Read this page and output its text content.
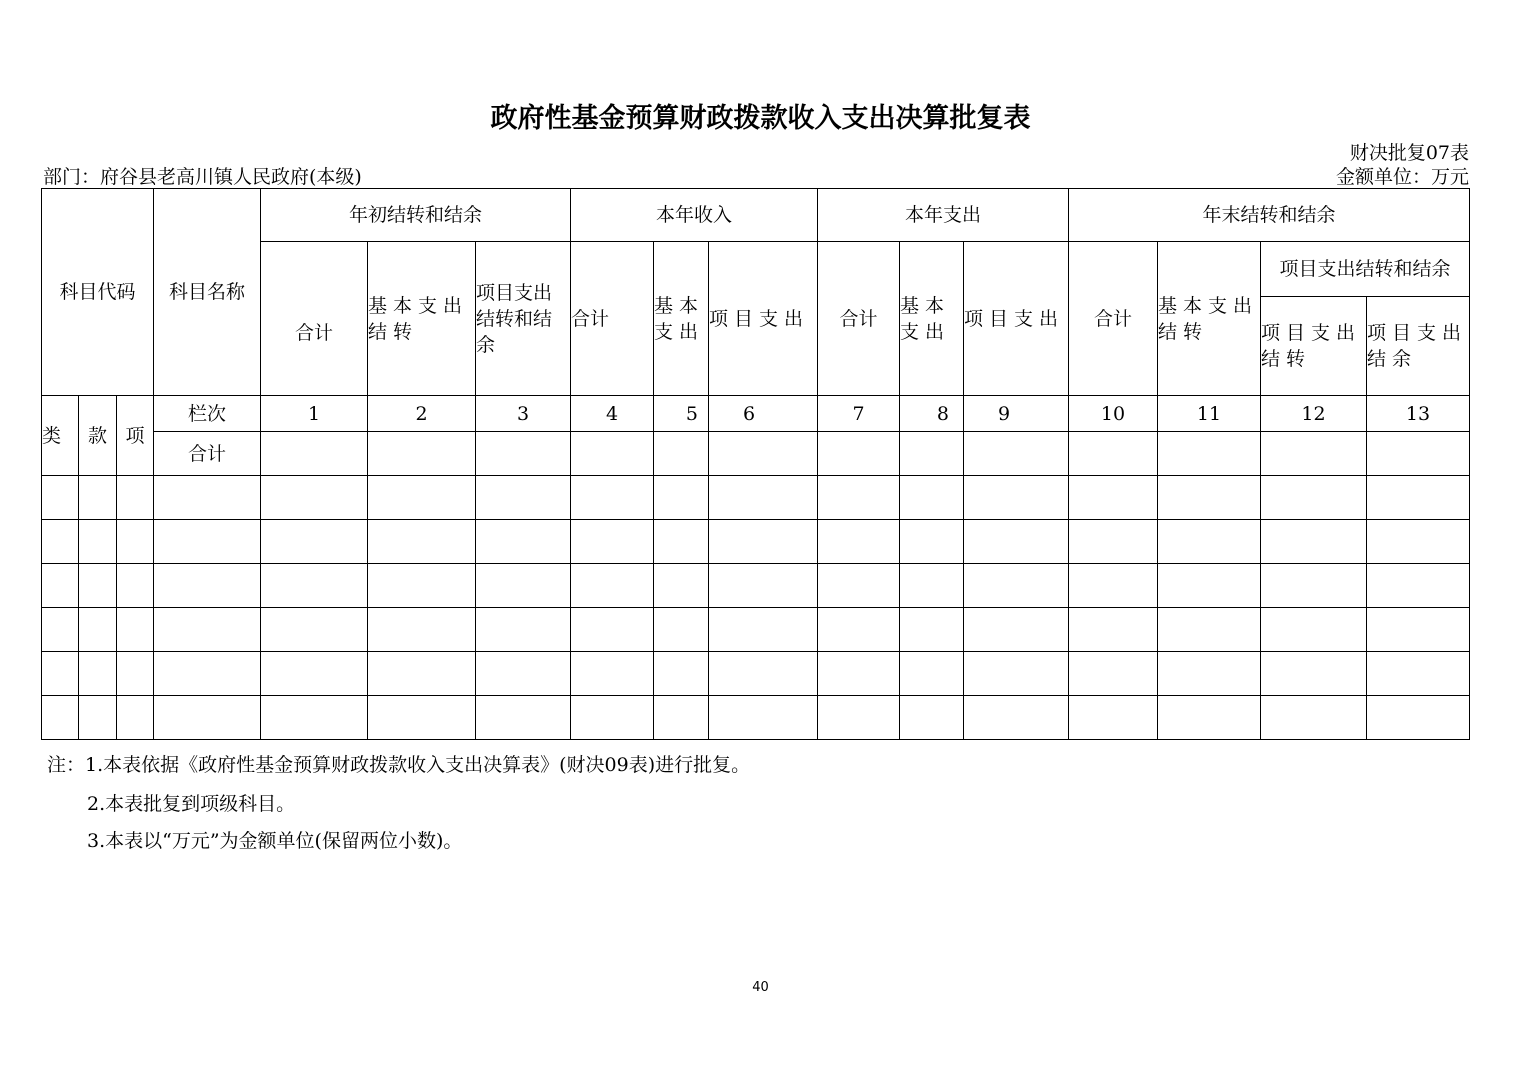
政府性基金预算财政拨款收入支出决算批复表
财决批复07表
金额单位：万元
部门：府谷县老高川镇人民政府(本级)
科目代码			科目名称	年初结转和结余			本年收入			本年支出			年末结转和结余			
				合计	基本支出结转	项目支出结转和结余	合计	基本支出	项目支出	合计	基本支出	项目支出	合计	基本支出结转	项目支出结转和结余	
															项目支出结转	项目支出结余
类	款	项	栏次	1	2	3	4	5	6	7	8	9	10	11	12	13
			合计													

注：1.本表依据《政府性基金预算财政拨款收入支出决算表》(财决09表)进行批复。
2.本表批复到项级科目。
3.本表以“万元”为金额单位(保留两位小数)。
40
